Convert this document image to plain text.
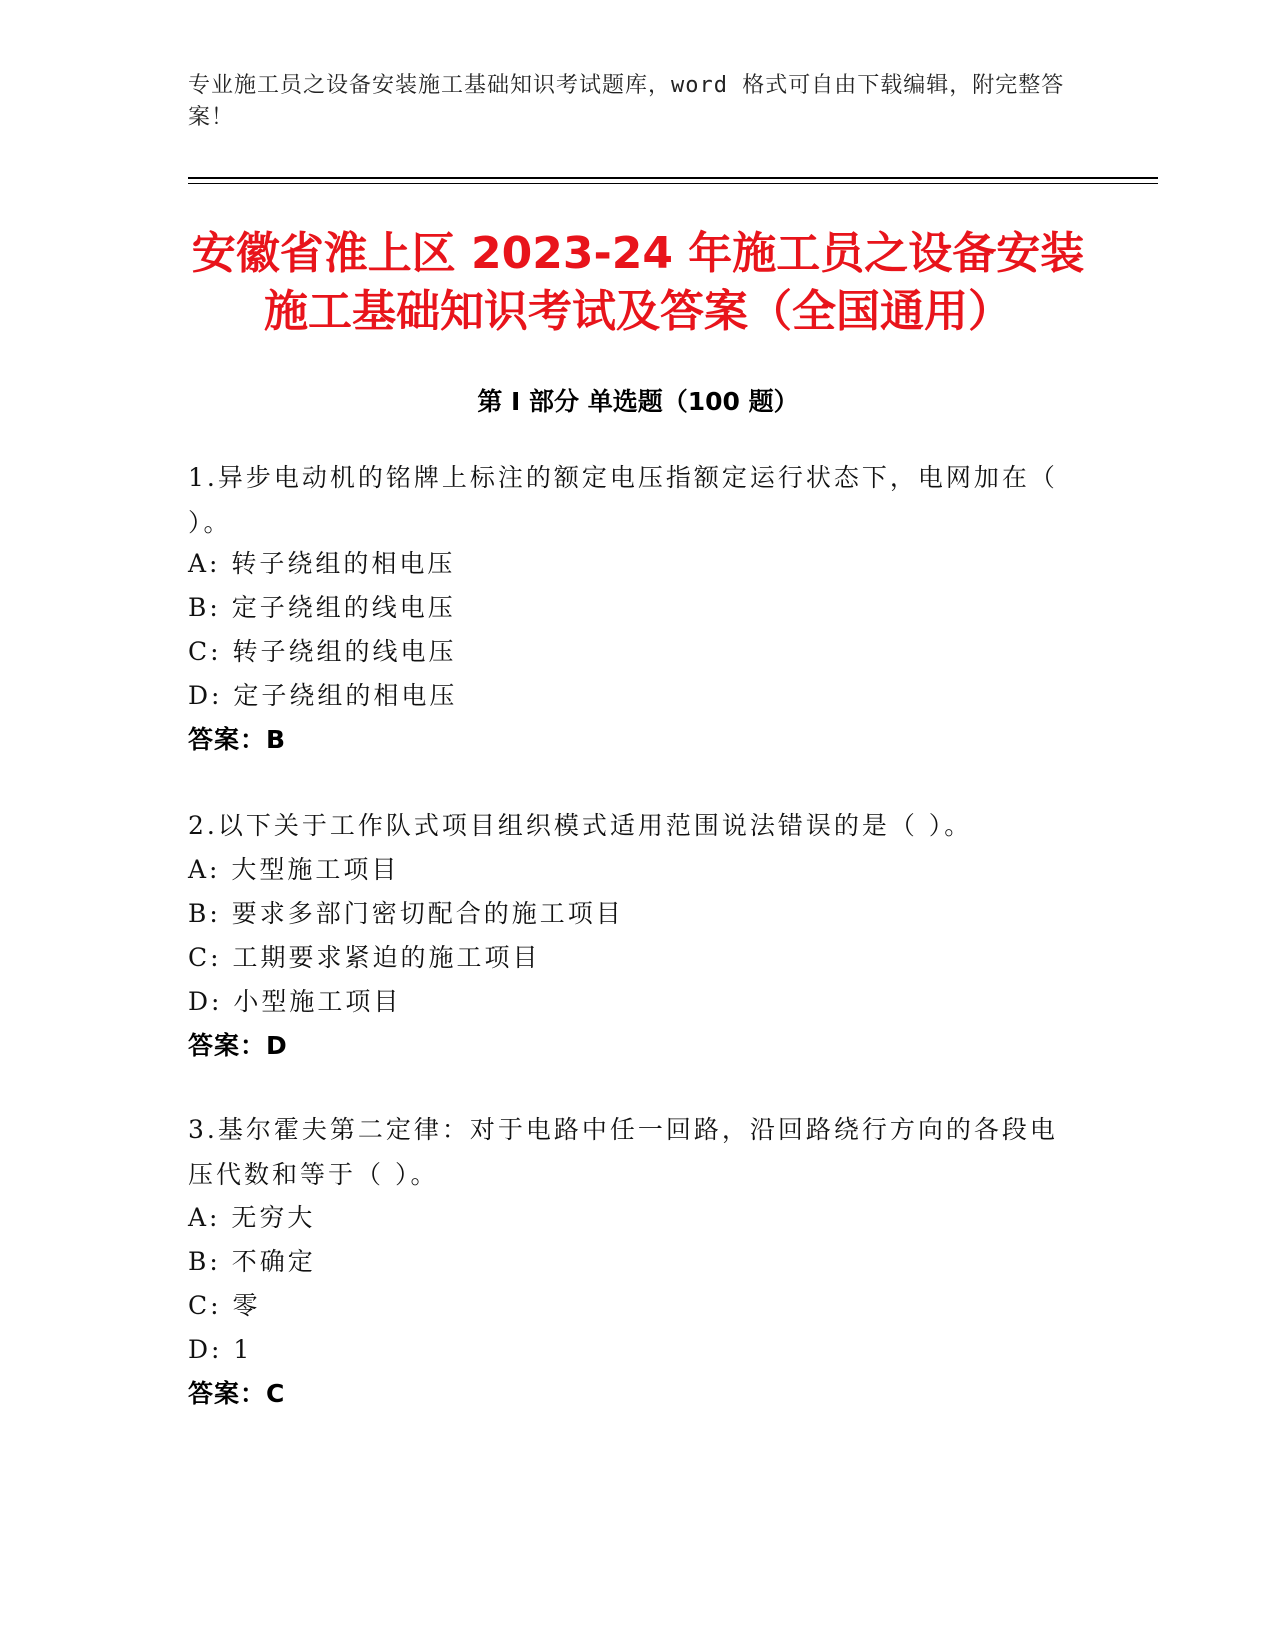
专业施工员之设备安装施工基础知识考试题库，word 格式可自由下载编辑，附完整答案！
安徽省淮上区 2023-24 年施工员之设备安装
施工基础知识考试及答案（全国通用）
第 I 部分 单选题（100 题）
1.异步电动机的铭牌上标注的额定电压指额定运行状态下，电网加在（ ）。
A: 转子绕组的相电压
B: 定子绕组的线电压
C: 转子绕组的线电压
D: 定子绕组的相电压
答案：B
2.以下关于工作队式项目组织模式适用范围说法错误的是（ ）。
A: 大型施工项目
B: 要求多部门密切配合的施工项目
C: 工期要求紧迫的施工项目
D: 小型施工项目
答案：D
3.基尔霍夫第二定律：对于电路中任一回路，沿回路绕行方向的各段电压代数和等于（ ）。
A: 无穷大
B: 不确定
C: 零
D: 1
答案：C
